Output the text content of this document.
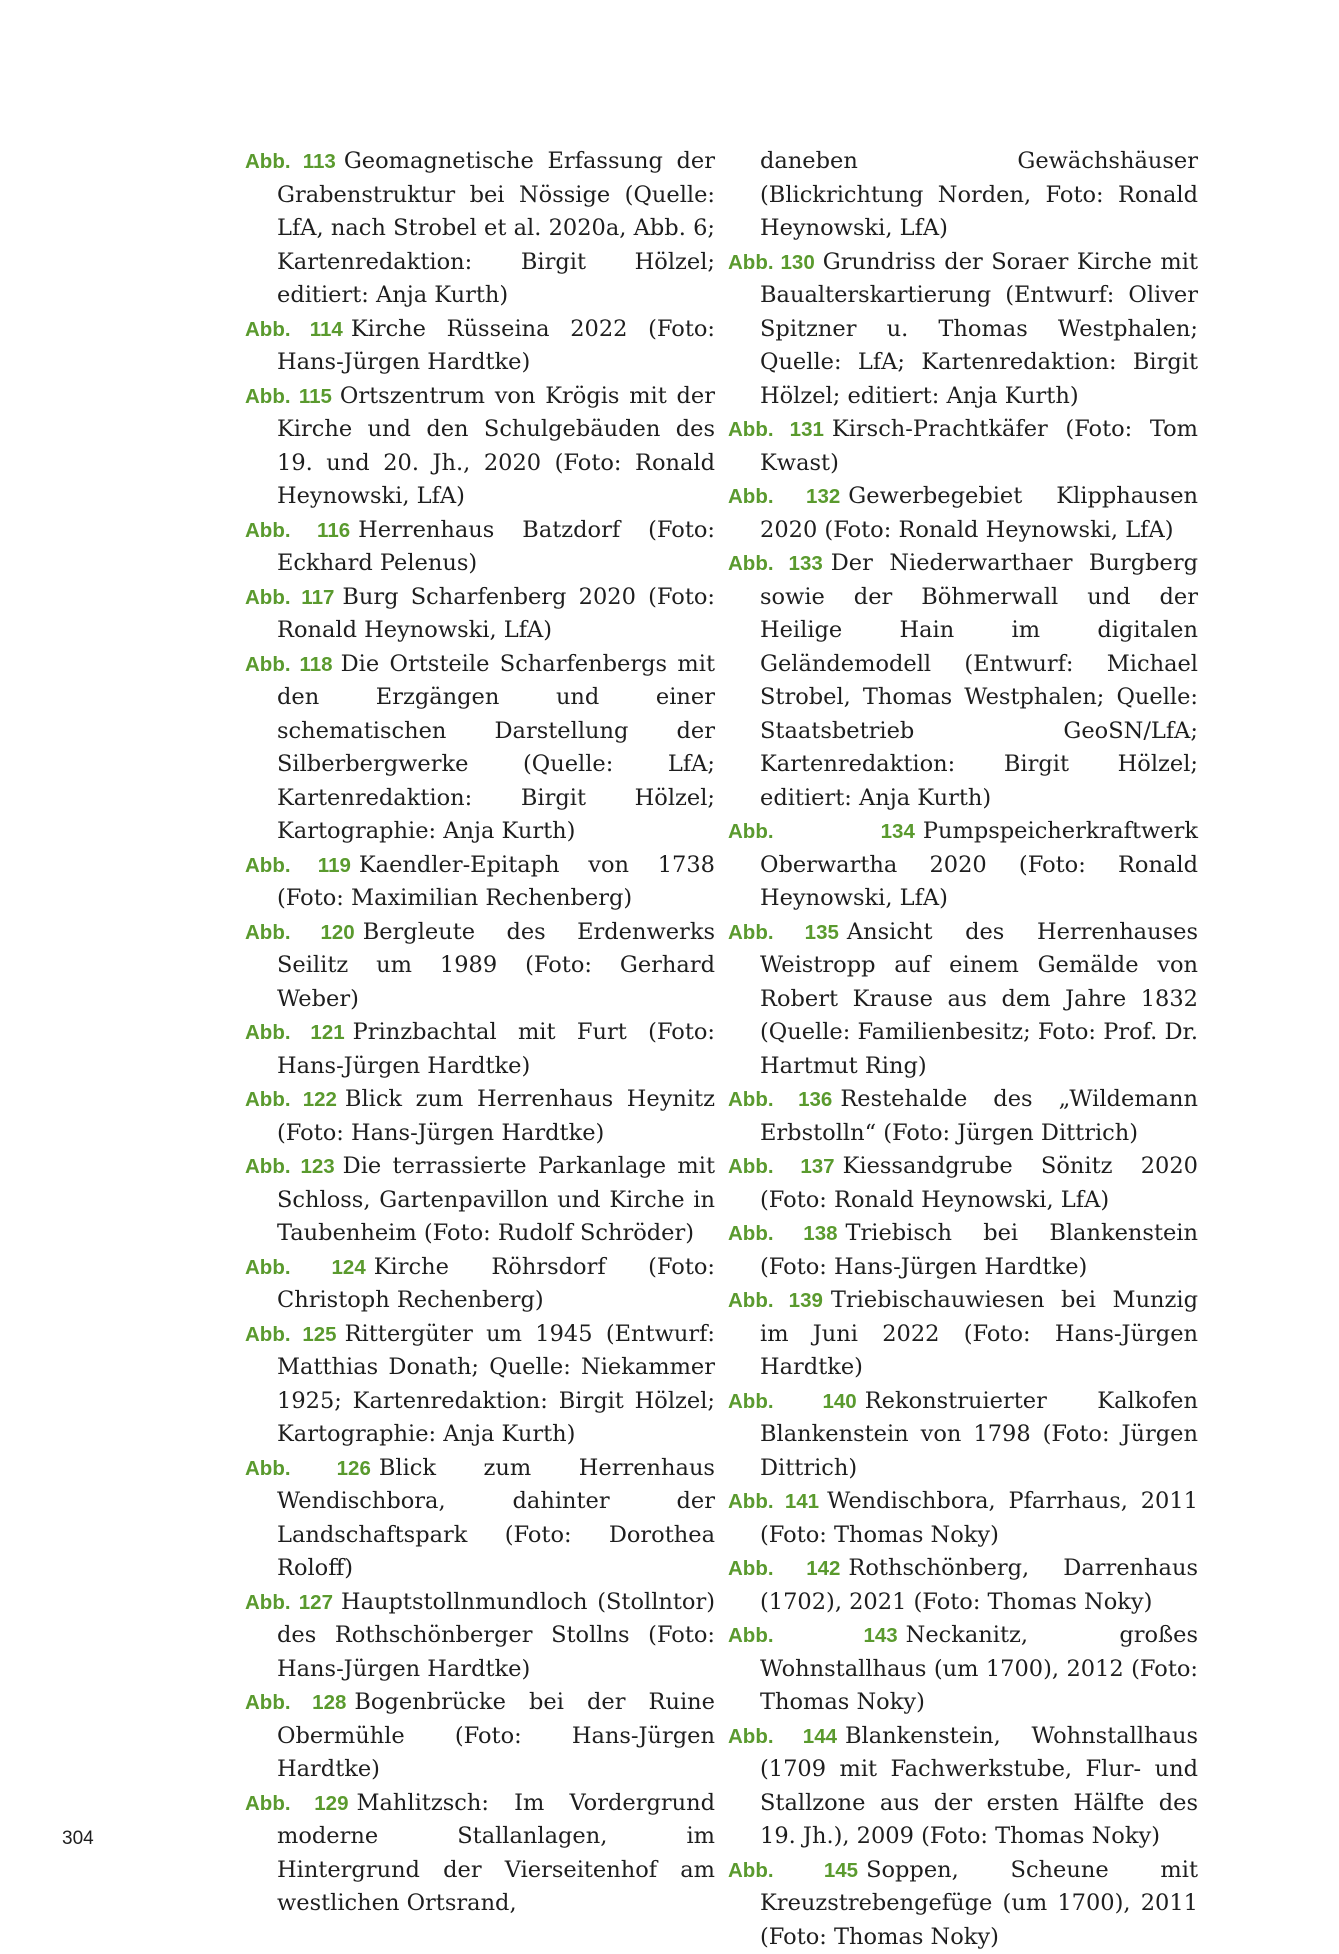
Abb. 113 Geomagnetische Erfassung der Grabenstruktur bei Nössige (Quelle: LfA, nach Strobel et al. 2020a, Abb. 6; Kartenredaktion: Birgit Hölzel; editiert: Anja Kurth)

Abb. 114 Kirche Rüsseina 2022 (Foto: Hans-Jürgen Hardtke)

Abb. 115 Ortszentrum von Krögis mit der Kirche und den Schulgebäuden des 19. und 20. Jh., 2020 (Foto: Ronald Heynowski, LfA)

Abb. 116 Herrenhaus Batzdorf (Foto: Eckhard Pelenus)

Abb. 117 Burg Scharfenberg 2020 (Foto: Ronald Heynowski, LfA)

Abb. 118 Die Ortsteile Scharfenbergs mit den Erzgängen und einer schematischen Darstellung der Silberbergwerke (Quelle: LfA; Kartenredaktion: Birgit Hölzel; Kartographie: Anja Kurth)

Abb. 119 Kaendler-Epitaph von 1738 (Foto: Maximilian Rechenberg)

Abb. 120 Bergleute des Erdenwerks Seilitz um 1989 (Foto: Gerhard Weber)

Abb. 121 Prinzbachtal mit Furt (Foto: Hans-Jürgen Hardtke)

Abb. 122 Blick zum Herrenhaus Heynitz (Foto: Hans-Jürgen Hardtke)

Abb. 123 Die terrassierte Parkanlage mit Schloss, Gartenpavillon und Kirche in Taubenheim (Foto: Rudolf Schröder)

Abb. 124 Kirche Röhrsdorf (Foto: Christoph Rechenberg)

Abb. 125 Rittergüter um 1945 (Entwurf: Matthias Donath; Quelle: Niekammer 1925; Kartenredaktion: Birgit Hölzel; Kartographie: Anja Kurth)

Abb. 126 Blick zum Herrenhaus Wendischbora, dahinter der Landschaftspark (Foto: Dorothea Roloff)

Abb. 127 Hauptstollnmundloch (Stollntor) des Rothschönberger Stollns (Foto: Hans-Jürgen Hardtke)

Abb. 128 Bogenbrücke bei der Ruine Obermühle (Foto: Hans-Jürgen Hardtke)

Abb. 129 Mahlitzsch: Im Vordergrund moderne Stallanlagen, im Hintergrund der Vierseitenhof am westlichen Ortsrand,

daneben Gewächshäuser (Blickrichtung Norden, Foto: Ronald Heynowski, LfA)

Abb. 130 Grundriss der Soraer Kirche mit Baualterskartierung (Entwurf: Oliver Spitzner u. Thomas Westphalen; Quelle: LfA; Kartenredaktion: Birgit Hölzel; editiert: Anja Kurth)

Abb. 131 Kirsch-Prachtkäfer (Foto: Tom Kwast)

Abb. 132 Gewerbegebiet Klipphausen 2020 (Foto: Ronald Heynowski, LfA)

Abb. 133 Der Niederwarthaer Burgberg sowie der Böhmerwall und der Heilige Hain im digitalen Geländemodell (Entwurf: Michael Strobel, Thomas Westphalen; Quelle: Staatsbetrieb GeoSN/LfA; Kartenredaktion: Birgit Hölzel; editiert: Anja Kurth)

Abb. 134 Pumpspeicherkraftwerk Oberwartha 2020 (Foto: Ronald Heynowski, LfA)

Abb. 135 Ansicht des Herrenhauses Weistropp auf einem Gemälde von Robert Krause aus dem Jahre 1832 (Quelle: Familienbesitz; Foto: Prof. Dr. Hartmut Ring)

Abb. 136 Restehalde des „Wildemann Erbstolln“ (Foto: Jürgen Dittrich)

Abb. 137 Kiessandgrube Sönitz 2020 (Foto: Ronald Heynowski, LfA)

Abb. 138 Triebisch bei Blankenstein (Foto: Hans-Jürgen Hardtke)

Abb. 139 Triebischauwiesen bei Munzig im Juni 2022 (Foto: Hans-Jürgen Hardtke)

Abb. 140 Rekonstruierter Kalkofen Blankenstein von 1798 (Foto: Jürgen Dittrich)

Abb. 141 Wendischbora, Pfarrhaus, 2011 (Foto: Thomas Noky)

Abb. 142 Rothschönberg, Darrenhaus (1702), 2021 (Foto: Thomas Noky)

Abb. 143 Neckanitz, großes Wohnstallhaus (um 1700), 2012 (Foto: Thomas Noky)

Abb. 144 Blankenstein, Wohnstallhaus (1709 mit Fachwerkstube, Flur- und Stallzone aus der ersten Hälfte des 19. Jh.), 2009 (Foto: Thomas Noky)

Abb. 145 Soppen, Scheune mit Kreuzstrebengefüge (um 1700), 2011 (Foto: Thomas Noky)

304
